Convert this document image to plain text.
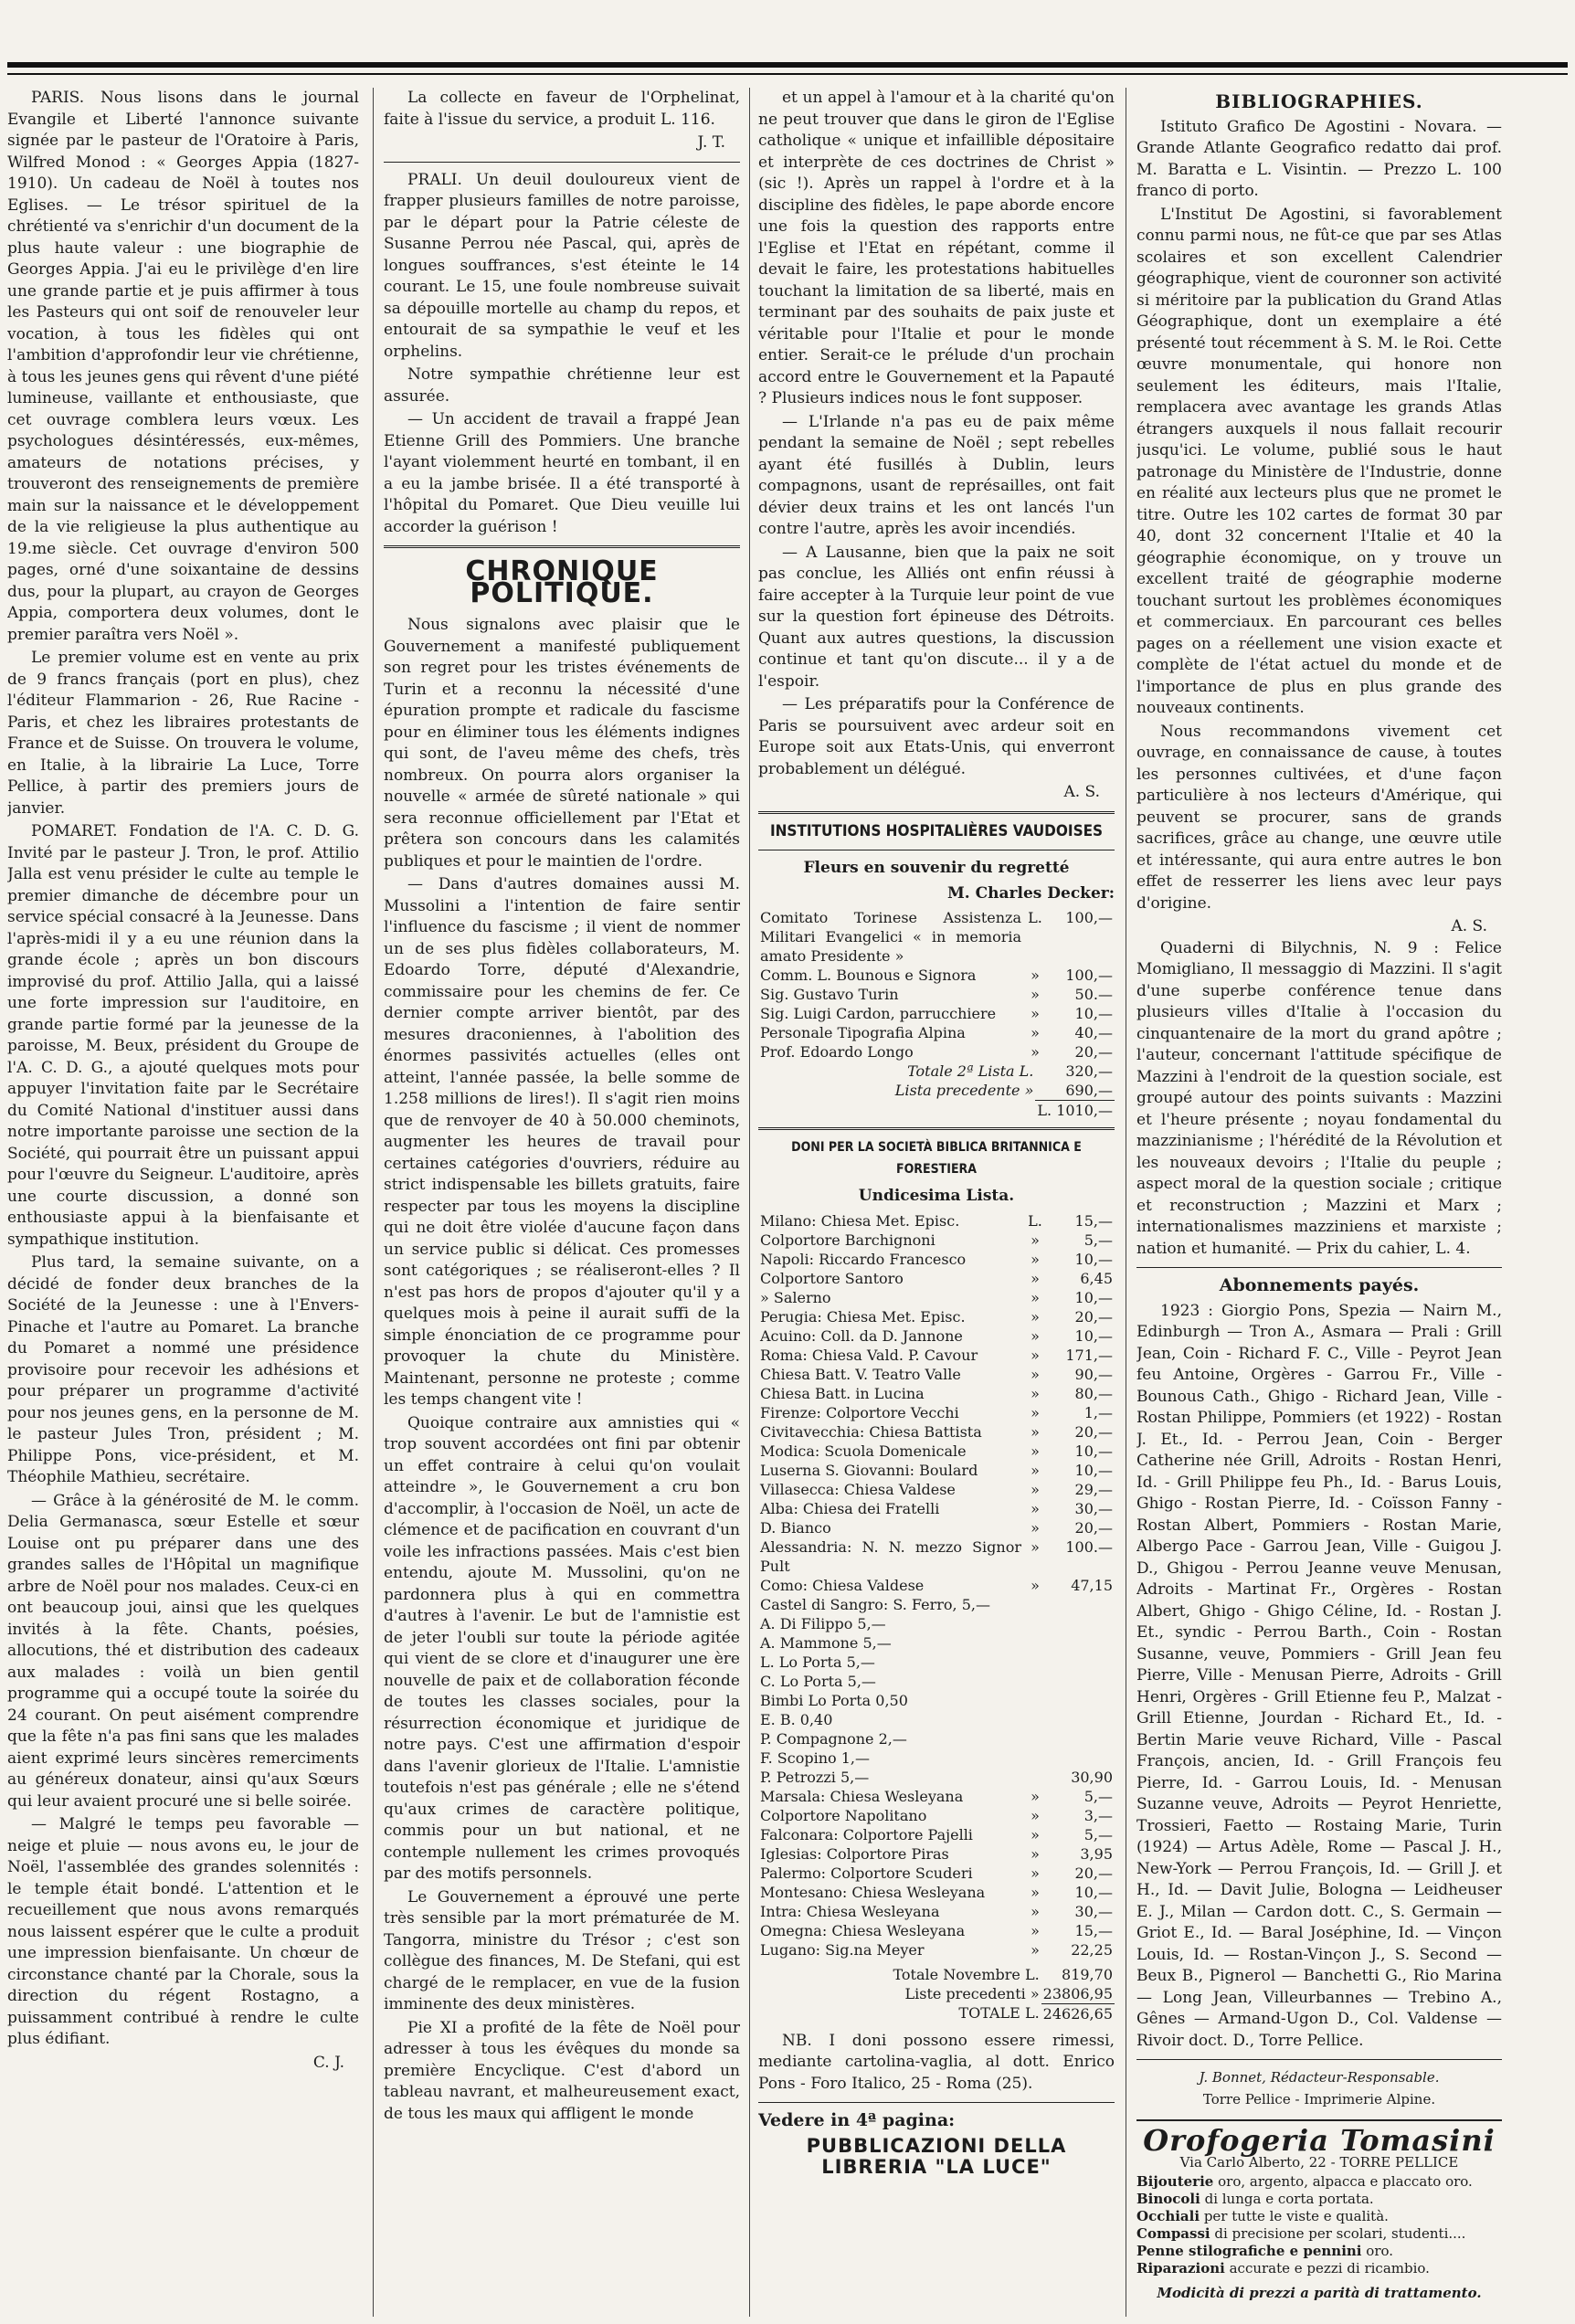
PARIS. Nous lisons dans le journal Evangile et Liberté l'annonce suivante signée par le pasteur de l'Oratoire à Paris, Wilfred Monod : « Georges Appia (1827-1910). Un cadeau de Noël à toutes nos Eglises. — Le trésor spirituel de la chrétienté va s'enrichir d'un document de la plus haute valeur : une biographie de Georges Appia. J'ai eu le privilège d'en lire une grande partie et je puis affirmer à tous les Pasteurs qui ont soif de renouveler leur vocation, à tous les fidèles qui ont l'ambition d'approfondir leur vie chrétienne, à tous les jeunes gens qui rêvent d'une piété lumineuse, vaillante et enthousiaste, que cet ouvrage comblera leurs vœux. Les psychologues désintéressés, eux-mêmes, amateurs de notations précises, y trouveront des renseignements de première main sur la naissance et le développement de la vie religieuse la plus authentique au 19.me siècle. Cet ouvrage d'environ 500 pages, orné d'une soixantaine de dessins dus, pour la plupart, au crayon de Georges Appia, comportera deux volumes, dont le premier paraîtra vers Noël ».

Le premier volume est en vente au prix de 9 francs français (port en plus), chez l'éditeur Flammarion - 26, Rue Racine - Paris, et chez les libraires protestants de France et de Suisse. On trouvera le volume, en Italie, à la librairie La Luce, Torre Pellice, à partir des premiers jours de janvier.

POMARET. Fondation de l'A. C. D. G. Invité par le pasteur J. Tron, le prof. Attilio Jalla est venu présider le culte au temple le premier dimanche de décembre pour un service spécial consacré à la Jeunesse. Dans l'après-midi il y a eu une réunion dans la grande école ; après un bon discours improvisé du prof. Attilio Jalla, qui a laissé une forte impression sur l'auditoire, en grande partie formé par la jeunesse de la paroisse, M. Beux, président du Groupe de l'A. C. D. G., a ajouté quelques mots pour appuyer l'invitation faite par le Secrétaire du Comité National d'instituer aussi dans notre importante paroisse une section de la Société, qui pourrait être un puissant appui pour l'œuvre du Seigneur. L'auditoire, après une courte discussion, a donné son enthousiaste appui à la bienfaisante et sympathique institution.

Plus tard, la semaine suivante, on a décidé de fonder deux branches de la Société de la Jeunesse : une à l'Envers-Pinache et l'autre au Pomaret. La branche du Pomaret a nommé une présidence provisoire pour recevoir les adhésions et pour préparer un programme d'activité pour nos jeunes gens, en la personne de M. le pasteur Jules Tron, président ; M. Philippe Pons, vice-président, et M. Théophile Mathieu, secrétaire.

— Grâce à la générosité de M. le comm. Delia Germanasca, sœur Estelle et sœur Louise ont pu préparer dans une des grandes salles de l'Hôpital un magnifique arbre de Noël pour nos malades. Ceux-ci en ont beaucoup joui, ainsi que les quelques invités à la fête. Chants, poésies, allocutions, thé et distribution des cadeaux aux malades : voilà un bien gentil programme qui a occupé toute la soirée du 24 courant. On peut aisément comprendre que la fête n'a pas fini sans que les malades aient exprimé leurs sincères remerciments au généreux donateur, ainsi qu'aux Sœurs qui leur avaient procuré une si belle soirée.

— Malgré le temps peu favorable — neige et pluie — nous avons eu, le jour de Noël, l'assemblée des grandes solennités : le temple était bondé. L'attention et le recueillement que nous avons remarqués nous laissent espérer que le culte a produit une impression bienfaisante. Un chœur de circonstance chanté par la Chorale, sous la direction du régent Rostagno, a puissamment contribué à rendre le culte plus édifiant.

C. J.

La collecte en faveur de l'Orphelinat, faite à l'issue du service, a produit L. 116.

J. T.

PRALI. Un deuil douloureux vient de frapper plusieurs familles de notre paroisse, par le départ pour la Patrie céleste de Susanne Perrou née Pascal, qui, après de longues souffrances, s'est éteinte le 14 courant. Le 15, une foule nombreuse suivait sa dépouille mortelle au champ du repos, et entourait de sa sympathie le veuf et les orphelins.

Notre sympathie chrétienne leur est assurée.

— Un accident de travail a frappé Jean Etienne Grill des Pommiers. Une branche l'ayant violemment heurté en tombant, il en a eu la jambe brisée. Il a été transporté à l'hôpital du Pomaret. Que Dieu veuille lui accorder la guérison !

CHRONIQUE POLITIQUE.

Nous signalons avec plaisir que le Gouvernement a manifesté publiquement son regret pour les tristes événements de Turin et a reconnu la nécessité d'une épuration prompte et radicale du fascisme pour en éliminer tous les éléments indignes qui sont, de l'aveu même des chefs, très nombreux. On pourra alors organiser la nouvelle « armée de sûreté nationale » qui sera reconnue officiellement par l'Etat et prêtera son concours dans les calamités publiques et pour le maintien de l'ordre.

— Dans d'autres domaines aussi M. Mussolini a l'intention de faire sentir l'influence du fascisme ; il vient de nommer un de ses plus fidèles collaborateurs, M. Edoardo Torre, député d'Alexandrie, commissaire pour les chemins de fer. Ce dernier compte arriver bientôt, par des mesures draconiennes, à l'abolition des énormes passivités actuelles (elles ont atteint, l'année passée, la belle somme de 1.258 millions de lires!). Il s'agit rien moins que de renvoyer de 40 à 50.000 cheminots, augmenter les heures de travail pour certaines catégories d'ouvriers, réduire au strict indispensable les billets gratuits, faire respecter par tous les moyens la discipline qui ne doit être violée d'aucune façon dans un service public si délicat. Ces promesses sont catégoriques ; se réaliseront-elles ? Il n'est pas hors de propos d'ajouter qu'il y a quelques mois à peine il aurait suffi de la simple énonciation de ce programme pour provoquer la chute du Ministère. Maintenant, personne ne proteste ; comme les temps changent vite !

Quoique contraire aux amnisties qui « trop souvent accordées ont fini par obtenir un effet contraire à celui qu'on voulait atteindre », le Gouvernement a cru bon d'accomplir, à l'occasion de Noël, un acte de clémence et de pacification en couvrant d'un voile les infractions passées. Mais c'est bien entendu, ajoute M. Mussolini, qu'on ne pardonnera plus à qui en commettra d'autres à l'avenir. Le but de l'amnistie est de jeter l'oubli sur toute la période agitée qui vient de se clore et d'inaugurer une ère nouvelle de paix et de collaboration féconde de toutes les classes sociales, pour la résurrection économique et juridique de notre pays. C'est une affirmation d'espoir dans l'avenir glorieux de l'Italie. L'amnistie toutefois n'est pas générale ; elle ne s'étend qu'aux crimes de caractère politique, commis pour un but national, et ne contemple nullement les crimes provoqués par des motifs personnels.

Le Gouvernement a éprouvé une perte très sensible par la mort prématurée de M. Tangorra, ministre du Trésor ; c'est son collègue des finances, M. De Stefani, qui est chargé de le remplacer, en vue de la fusion imminente des deux ministères.

Pie XI a profité de la fête de Noël pour adresser à tous les évêques du monde sa première Encyclique. C'est d'abord un tableau navrant, et malheureusement exact, de tous les maux qui affligent le monde

et un appel à l'amour et à la charité qu'on ne peut trouver que dans le giron de l'Eglise catholique « unique et infaillible dépositaire et interprète de ces doctrines de Christ » (sic !). Après un rappel à l'ordre et à la discipline des fidèles, le pape aborde encore une fois la question des rapports entre l'Eglise et l'Etat en répétant, comme il devait le faire, les protestations habituelles touchant la limitation de sa liberté, mais en terminant par des souhaits de paix juste et véritable pour l'Italie et pour le monde entier. Serait-ce le prélude d'un prochain accord entre le Gouvernement et la Papauté ? Plusieurs indices nous le font supposer.

— L'Irlande n'a pas eu de paix même pendant la semaine de Noël ; sept rebelles ayant été fusillés à Dublin, leurs compagnons, usant de représailles, ont fait dévier deux trains et les ont lancés l'un contre l'autre, après les avoir incendiés.

— A Lausanne, bien que la paix ne soit pas conclue, les Alliés ont enfin réussi à faire accepter à la Turquie leur point de vue sur la question fort épineuse des Détroits. Quant aux autres questions, la discussion continue et tant qu'on discute... il y a de l'espoir.

— Les préparatifs pour la Conférence de Paris se poursuivent avec ardeur soit en Europe soit aux Etats-Unis, qui enverront probablement un délégué.

A. S.
INSTITUTIONS HOSPITALIÈRES VAUDOISES
Fleurs en souvenir du regretté
M. Charles Decker:
Comitato Torinese Assistenza Militari Evangelici « in memoria amato Presidente »	L.	100,—
Comm. L. Bounous e Signora	»	100,—
Sig. Gustavo Turin	»	50.—
Sig. Luigi Cardon, parrucchiere	»	10,—
Personale Tipografia Alpina	»	40,—
Prof. Edoardo Longo	»	20,—
Totale 2ª Lista L.	320,—
Lista precedente »	690,—
	L. 1010,—
DONI PER LA SOCIETÀ BIBLICA BRITANNICA E FORESTIERA
Undicesima Lista.
Milano: Chiesa Met. Episc.	L.	15,—
Colportore Barchignoni	»	5,—
Napoli: Riccardo Francesco	»	10,—
Colportore Santoro	»	6,45
» Salerno	»	10,—
Perugia: Chiesa Met. Episc.	»	20,—
Acuino: Coll. da D. Jannone	»	10,—
Roma: Chiesa Vald. P. Cavour	»	171,—
Chiesa Batt. V. Teatro Valle	»	90,—
Chiesa Batt. in Lucina	»	80,—
Firenze: Colportore Vecchi	»	1,—
Civitavecchia: Chiesa Battista	»	20,—
Modica: Scuola Domenicale	»	10,—
Luserna S. Giovanni: Boulard	»	10,—
Villasecca: Chiesa Valdese	»	29,—
Alba: Chiesa dei Fratelli	»	30,—
D. Bianco	»	20,—
Alessandria: N. N. mezzo Signor Pult	»	100.—
Como: Chiesa Valdese	»	47,15
Castel di Sangro: S. Ferro, 5,—		
A. Di Filippo 5,—		
A. Mammone 5,—		
L. Lo Porta 5,—		
C. Lo Porta 5,—		
Bimbi Lo Porta 0,50		
E. B. 0,40		
P. Compagnone 2,—		
F. Scopino 1,—		
P. Petrozzi 5,—		30,90
Marsala: Chiesa Wesleyana	»	5,—
Colportore Napolitano	»	3,—
Falconara: Colportore Pajelli	»	5,—
Iglesias: Colportore Piras	»	3,95
Palermo: Colportore Scuderi	»	20,—
Montesano: Chiesa Wesleyana	»	10,—
Intra: Chiesa Wesleyana	»	30,—
Omegna: Chiesa Wesleyana	»	15,—
Lugano: Sig.na Meyer	»	22,25
Totale Novembre L.	819,70
Liste precedenti »	23806,95
TOTALE L.	24626,65

NB. I doni possono essere rimessi, mediante cartolina-vaglia, al dott. Enrico Pons - Foro Italico, 25 - Roma (25).

Vedere in 4ª pagina:
PUBBLICAZIONI DELLA LIBRERIA "LA LUCE"
BIBLIOGRAPHIES.

Istituto Grafico De Agostini - Novara. — Grande Atlante Geografico redatto dai prof. M. Baratta e L. Visintin. — Prezzo L. 100 franco di porto.

L'Institut De Agostini, si favorablement connu parmi nous, ne fût-ce que par ses Atlas scolaires et son excellent Calendrier géographique, vient de couronner son activité si méritoire par la publication du Grand Atlas Géographique, dont un exemplaire a été présenté tout récemment à S. M. le Roi. Cette œuvre monumentale, qui honore non seulement les éditeurs, mais l'Italie, remplacera avec avantage les grands Atlas étrangers auxquels il nous fallait recourir jusqu'ici. Le volume, publié sous le haut patronage du Ministère de l'Industrie, donne en réalité aux lecteurs plus que ne promet le titre. Outre les 102 cartes de format 30 par 40, dont 32 concernent l'Italie et 40 la géographie économique, on y trouve un excellent traité de géographie moderne touchant surtout les problèmes économiques et commerciaux. En parcourant ces belles pages on a réellement une vision exacte et complète de l'état actuel du monde et de l'importance de plus en plus grande des nouveaux continents.

Nous recommandons vivement cet ouvrage, en connaissance de cause, à toutes les personnes cultivées, et d'une façon particulière à nos lecteurs d'Amérique, qui peuvent se procurer, sans de grands sacrifices, grâce au change, une œuvre utile et intéressante, qui aura entre autres le bon effet de resserrer les liens avec leur pays d'origine.

A. S.

Quaderni di Bilychnis, N. 9 : Felice Momigliano, Il messaggio di Mazzini. Il s'agit d'une superbe conférence tenue dans plusieurs villes d'Italie à l'occasion du cinquantenaire de la mort du grand apôtre ; l'auteur, concernant l'attitude spécifique de Mazzini à l'endroit de la question sociale, est groupé autour des points suivants : Mazzini et l'heure présente ; noyau fondamental du mazzinianisme ; l'hérédité de la Révolution et les nouveaux devoirs ; l'Italie du peuple ; aspect moral de la question sociale ; critique et reconstruction ; Mazzini et Marx ; internationalismes mazziniens et marxiste ; nation et humanité. — Prix du cahier, L. 4.

Abonnements payés.

1923 : Giorgio Pons, Spezia — Nairn M., Edinburgh — Tron A., Asmara — Prali : Grill Jean, Coin - Richard F. C., Ville - Peyrot Jean feu Antoine, Orgères - Garrou Fr., Ville - Bounous Cath., Ghigo - Richard Jean, Ville - Rostan Philippe, Pommiers (et 1922) - Rostan J. Et., Id. - Perrou Jean, Coin - Berger Catherine née Grill, Adroits - Rostan Henri, Id. - Grill Philippe feu Ph., Id. - Barus Louis, Ghigo - Rostan Pierre, Id. - Coïsson Fanny - Rostan Albert, Pommiers - Rostan Marie, Albergo Pace - Garrou Jean, Ville - Guigou J. D., Ghigou - Perrou Jeanne veuve Menusan, Adroits - Martinat Fr., Orgères - Rostan Albert, Ghigo - Ghigo Céline, Id. - Rostan J. Et., syndic - Perrou Barth., Coin - Rostan Susanne, veuve, Pommiers - Grill Jean feu Pierre, Ville - Menusan Pierre, Adroits - Grill Henri, Orgères - Grill Etienne feu P., Malzat - Grill Etienne, Jourdan - Richard Et., Id. - Bertin Marie veuve Richard, Ville - Pascal François, ancien, Id. - Grill François feu Pierre, Id. - Garrou Louis, Id. - Menusan Suzanne veuve, Adroits — Peyrot Henriette, Trossieri, Faetto — Rostaing Marie, Turin (1924) — Artus Adèle, Rome — Pascal J. H., New-York — Perrou François, Id. — Grill J. et H., Id. — Davit Julie, Bologna — Leidheuser E. J., Milan — Cardon dott. C., S. Germain — Griot E., Id. — Baral Joséphine, Id. — Vinçon Louis, Id. — Rostan-Vinçon J., S. Second — Beux B., Pignerol — Banchetti G., Rio Marina — Long Jean, Villeurbannes — Trebino A., Gênes — Armand-Ugon D., Col. Valdense — Rivoir doct. D., Torre Pellice.

J. Bonnet, Rédacteur-Responsable.
Torre Pellice - Imprimerie Alpine.
Orofogeria Tomasini
Via Carlo Alberto, 22 - TORRE PELLICE
Bijouterie oro, argento, alpacca e placcato oro.
Binocoli di lunga e corta portata.
Occhiali per tutte le viste e qualità.
Compassi di precisione per scolari, studenti....
Penne stilografiche e pennini oro.
Riparazioni accurate e pezzi di ricambio.
Modicità di prezzi a parità di trattamento.
